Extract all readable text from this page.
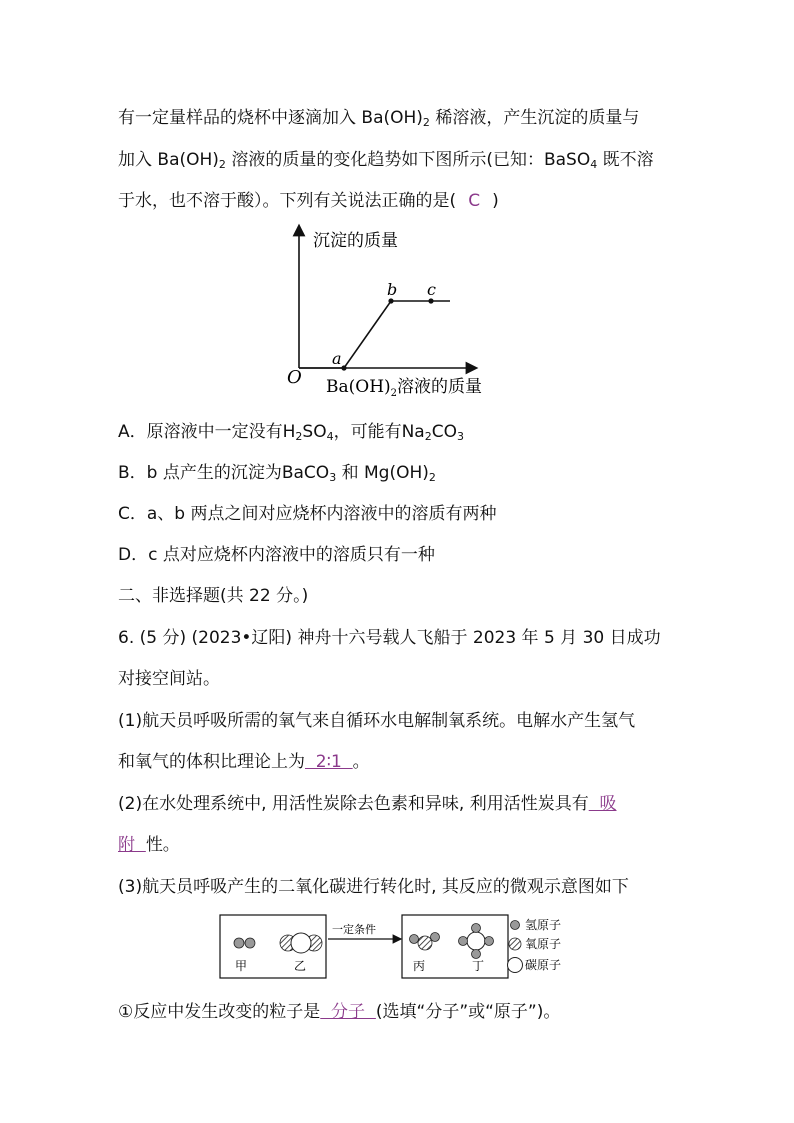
有一定量样品的烧杯中逐滴加入 $Ba(OH)_2$ 稀溶液，产生沉淀的质量与
加入 $Ba(OH)_2$ 溶液的质量的变化趋势如下图所示(已知：BaSO$_4$ 既不溶
于水，也不溶于酸）。下列有关说法正确的是( C )
沉淀的质量
O
a
b c
$Ba(OH)_2$溶液的质量
A．原溶液中一定没有$H_2SO_4$，可能有$Na_2CO_3$
B．b 点产生的沉淀为BaCO$_3$ 和 $Mg(OH)_2$
C．a、b 两点之间对应烧杯内溶液中的溶质有两种
D．c 点对应烧杯内溶液中的溶质只有一种
二、非选择题(共 22 分。)
6. (5 分) (2023•辽阳) 神舟十六号载人飞船于 2023 年 5 月 30 日成功
对接空间站。
(1)航天员呼吸所需的氧气来自循环水电解制氧系统。电解水产生氢气
和氧气的体积比理论上为  2∶1  。
(2)在水处理系统中, 用活性炭除去色素和异味, 利用活性炭具有  吸
附  性。
(3)航天员呼吸产生的二氧化碳进行转化时, 其反应的微观示意图如下
甲	乙
一定条件
丙	丁
氢原子
氧原子
碳原子
①反应中发生改变的粒子是  分子  (选填“分子”或“原子”)。
